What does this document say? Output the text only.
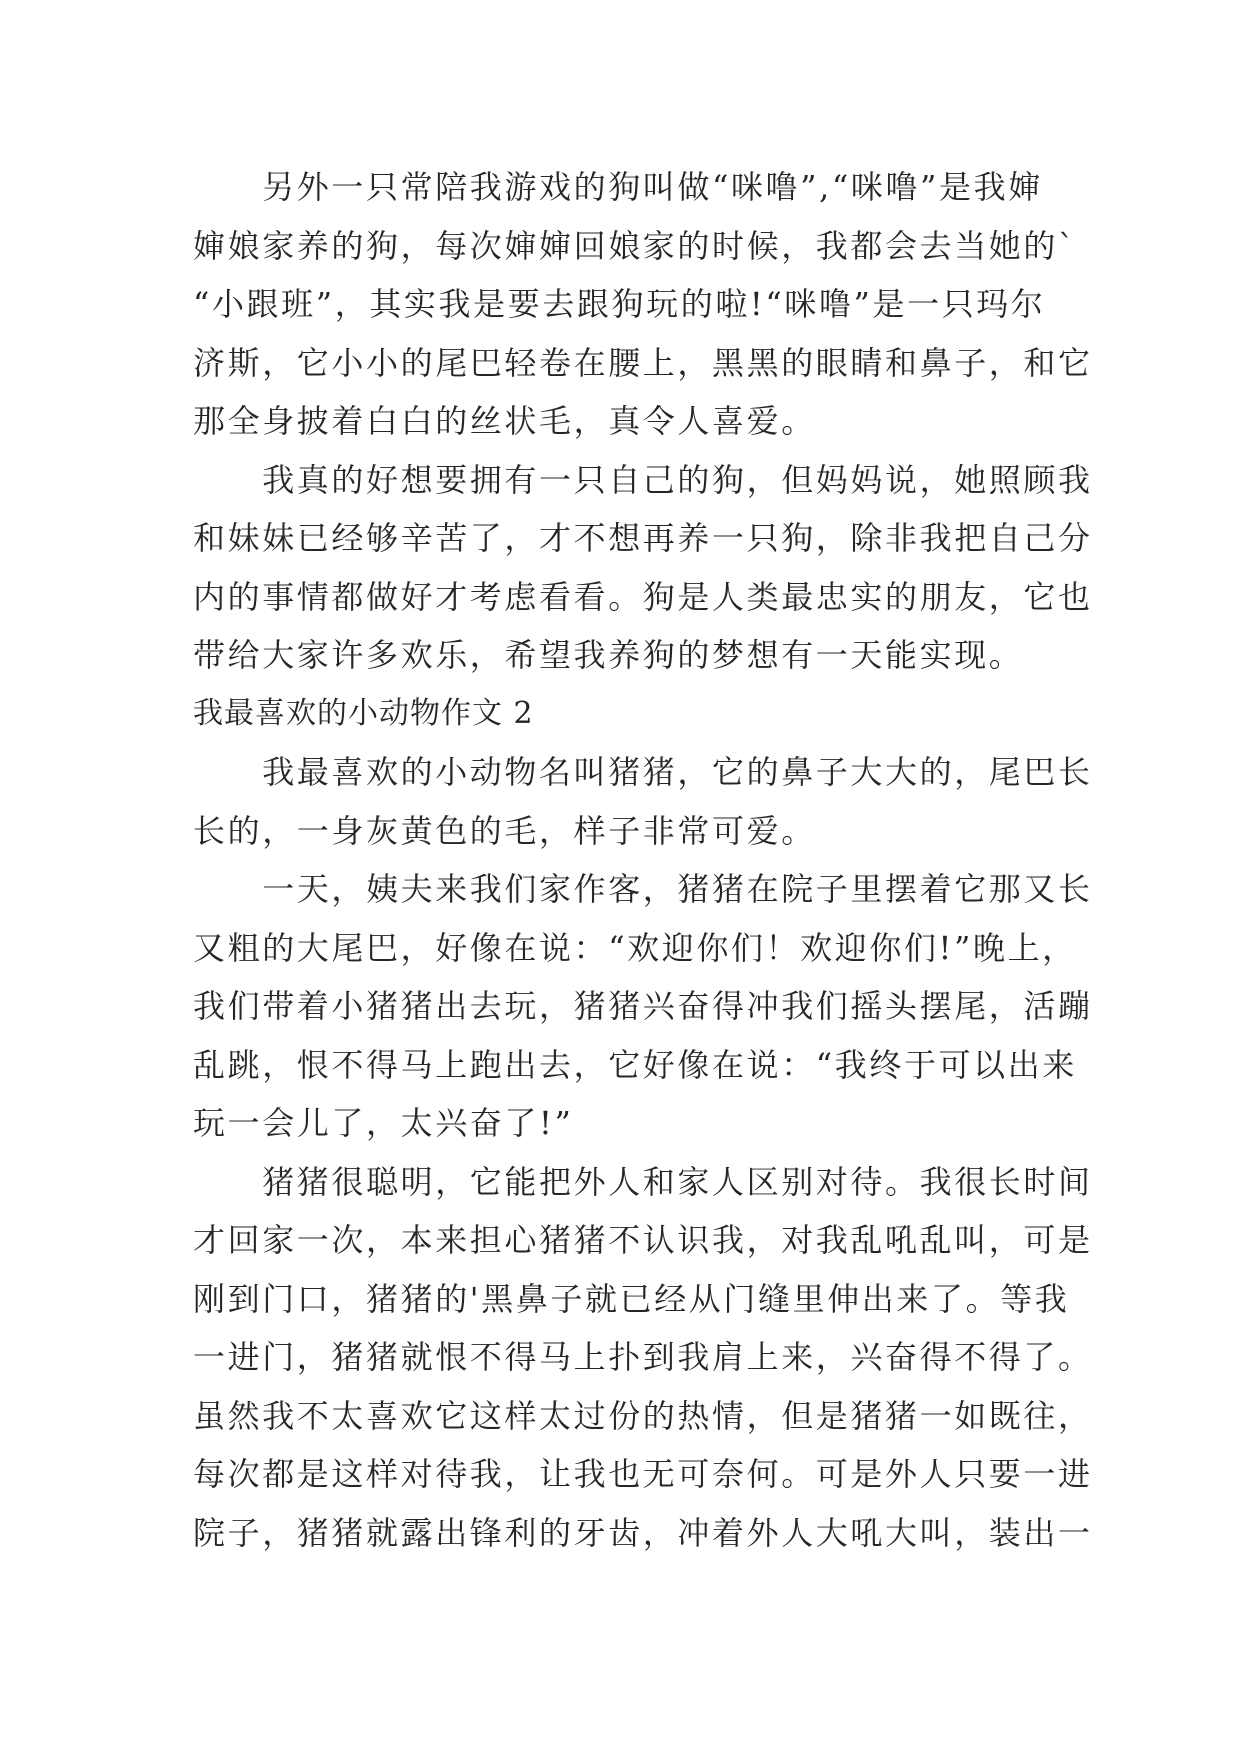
　　另外一只常陪我游戏的狗叫做“咪噜”,“咪噜”是我婶
婶娘家养的狗，每次婶婶回娘家的时候，我都会去当她的`
“小跟班”，其实我是要去跟狗玩的啦!“咪噜”是一只玛尔
济斯，它小小的尾巴轻卷在腰上，黑黑的眼睛和鼻子，和它
那全身披着白白的丝状毛，真令人喜爱。
　　我真的好想要拥有一只自己的狗，但妈妈说，她照顾我
和妹妹已经够辛苦了，才不想再养一只狗，除非我把自己分
内的事情都做好才考虑看看。狗是人类最忠实的朋友，它也
带给大家许多欢乐，希望我养狗的梦想有一天能实现。
我最喜欢的小动物作文 2
　　我最喜欢的小动物名叫猪猪，它的鼻子大大的，尾巴长
长的，一身灰黄色的毛，样子非常可爱。
　　一天，姨夫来我们家作客，猪猪在院子里摆着它那又长
又粗的大尾巴，好像在说：“欢迎你们！欢迎你们!”晚上，
我们带着小猪猪出去玩，猪猪兴奋得冲我们摇头摆尾，活蹦
乱跳，恨不得马上跑出去，它好像在说：“我终于可以出来
玩一会儿了，太兴奋了!”
　　猪猪很聪明，它能把外人和家人区别对待。我很长时间
才回家一次，本来担心猪猪不认识我，对我乱吼乱叫，可是
刚到门口，猪猪的'黑鼻子就已经从门缝里伸出来了。等我
一进门，猪猪就恨不得马上扑到我肩上来，兴奋得不得了。
虽然我不太喜欢它这样太过份的热情，但是猪猪一如既往，
每次都是这样对待我，让我也无可奈何。可是外人只要一进
院子，猪猪就露出锋利的牙齿，冲着外人大吼大叫，装出一
